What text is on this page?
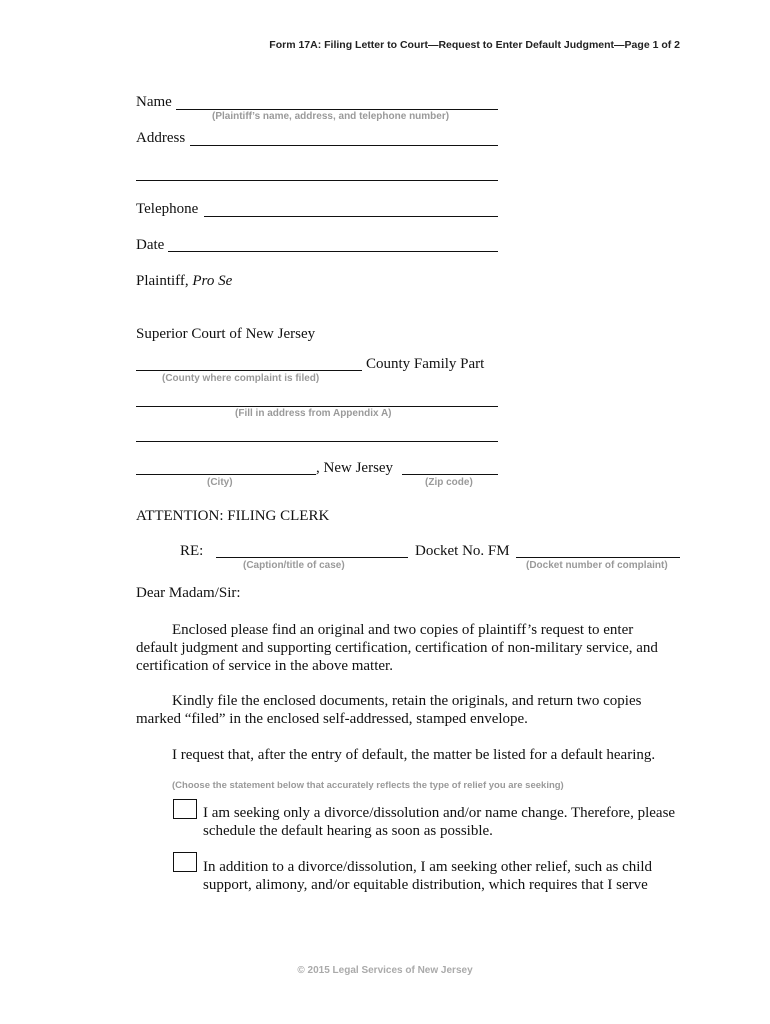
Form 17A: Filing Letter to Court—Request to Enter Default Judgment—Page 1 of 2
Name
(Plaintiff’s name, address, and telephone number)
Address
Telephone
Date
Plaintiff, Pro Se
Superior Court of New Jersey
County Family Part
(County where complaint is filed)
(Fill in address from Appendix A)
, New Jersey
(City)	(Zip code)
ATTENTION: FILING CLERK
RE:	Docket No. FM
(Caption/title of case)	(Docket number of complaint)
Dear Madam/Sir:

Enclosed please find an original and two copies of plaintiff’s request to enter default judgment and supporting certification, certification of non-military service, and certification of service in the above matter.

Kindly file the enclosed documents, retain the originals, and return two copies marked “filed” in the enclosed self-addressed, stamped envelope.

I request that, after the entry of default, the matter be listed for a default hearing.

(Choose the statement below that accurately reflects the type of relief you are seeking)
I am seeking only a divorce/dissolution and/or name change. Therefore, please schedule the default hearing as soon as possible.
In addition to a divorce/dissolution, I am seeking other relief, such as child support, alimony, and/or equitable distribution, which requires that I serve
© 2015 Legal Services of New Jersey
